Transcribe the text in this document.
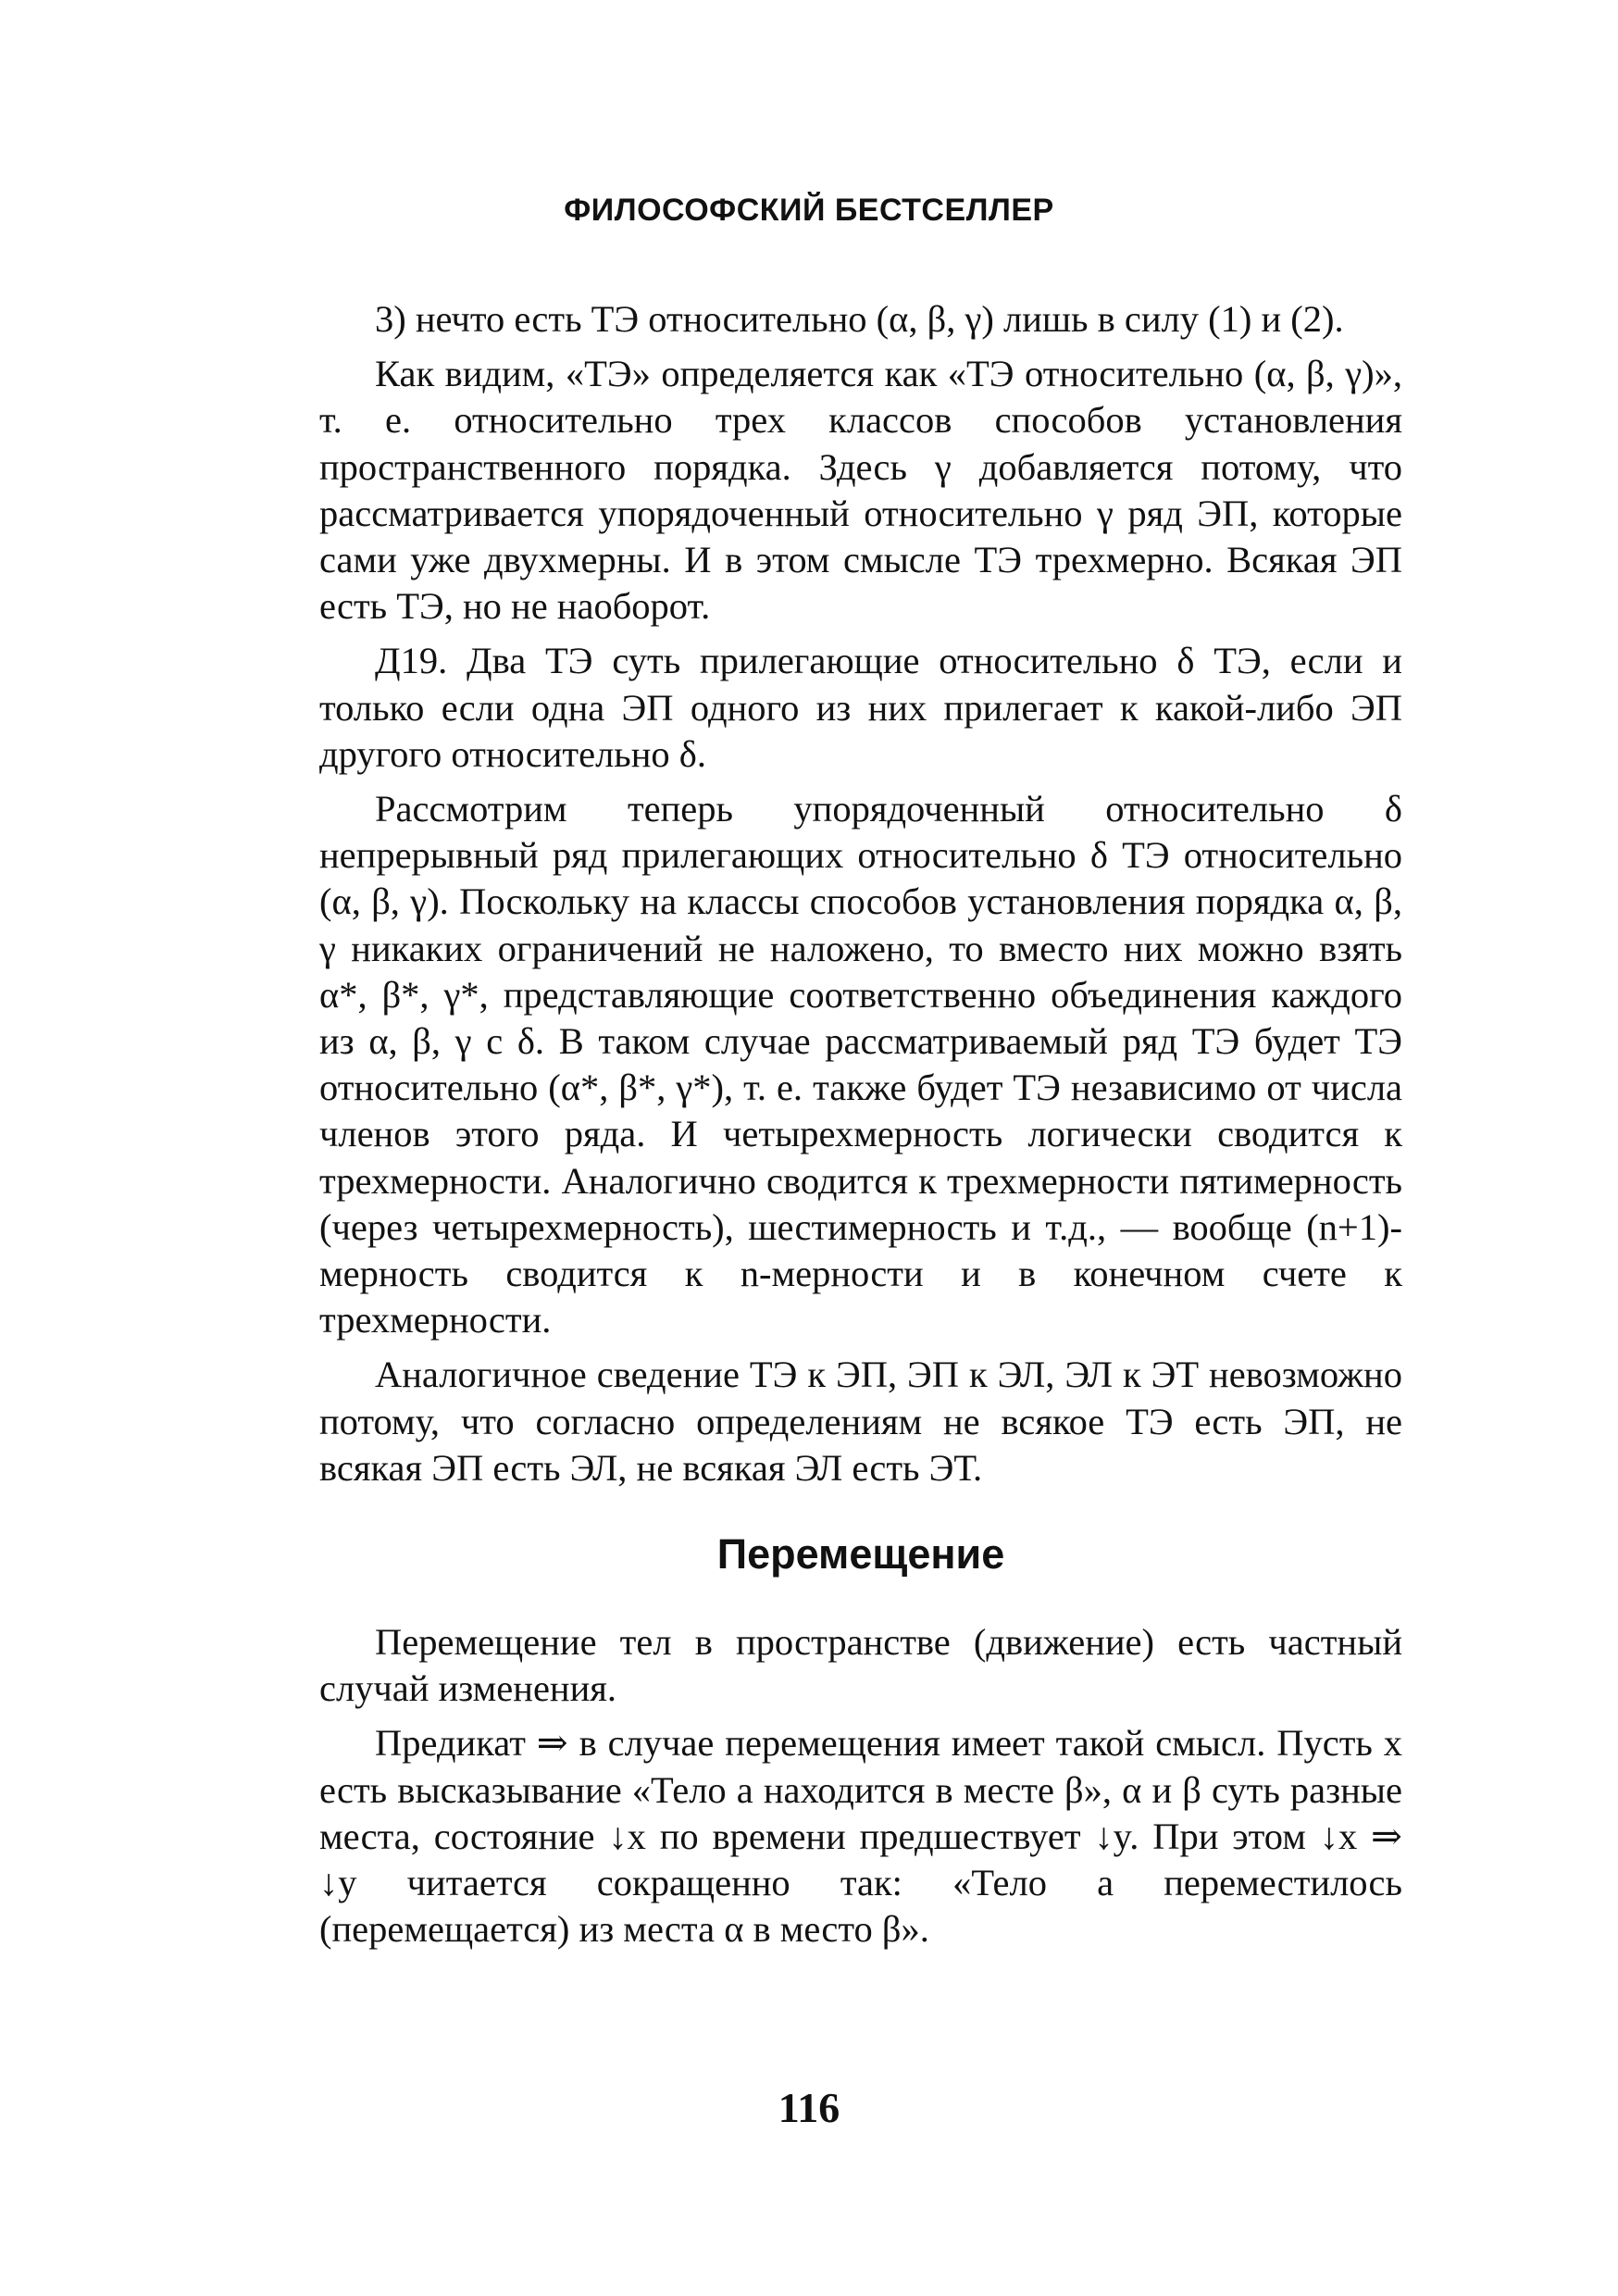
ФИЛОСОФСКИЙ БЕСТСЕЛЛЕР

3) нечто есть ТЭ относительно (α, β, γ) лишь в силу (1) и (2).

Как видим, «ТЭ» определяется как «ТЭ относительно (α, β, γ)», т. е. относительно трех классов способов установления пространственного порядка. Здесь γ добавляется потому, что рассматривается упорядоченный относительно γ ряд ЭП, которые сами уже двухмерны. И в этом смысле ТЭ трехмерно. Всякая ЭП есть ТЭ, но не наоборот.

Д19. Два ТЭ суть прилегающие относительно δ ТЭ, если и только если одна ЭП одного из них прилегает к какой-либо ЭП другого относительно δ.

Рассмотрим теперь упорядоченный относительно δ непрерывный ряд прилегающих относительно δ ТЭ относительно (α, β, γ). Поскольку на классы способов установления порядка α, β, γ никаких ограничений не наложено, то вместо них можно взять α*, β*, γ*, представляющие соответственно объединения каждого из α, β, γ с δ. В таком случае рассматриваемый ряд ТЭ будет ТЭ относительно (α*, β*, γ*), т. е. также будет ТЭ независимо от числа членов этого ряда. И четырехмерность логически сводится к трехмерности. Аналогично сводится к трехмерности пятимерность (через четырехмерность), шестимерность и т.д., — вообще (n+1)-мерность сводится к n-мерности и в конечном счете к трехмерности.

Аналогичное сведение ТЭ к ЭП, ЭП к ЭЛ, ЭЛ к ЭТ невозможно потому, что согласно определениям не всякое ТЭ есть ЭП, не всякая ЭП есть ЭЛ, не всякая ЭЛ есть ЭТ.

Перемещение

Перемещение тел в пространстве (движение) есть частный случай изменения.

Предикат ⇒ в случае перемещения имеет такой смысл. Пусть x есть высказывание «Тело a находится в месте β», α и β суть разные места, состояние ↓x по времени предшествует ↓y. При этом ↓x ⇒ ↓y читается сокращенно так: «Тело a переместилось (перемещается) из места α в место β».

116
